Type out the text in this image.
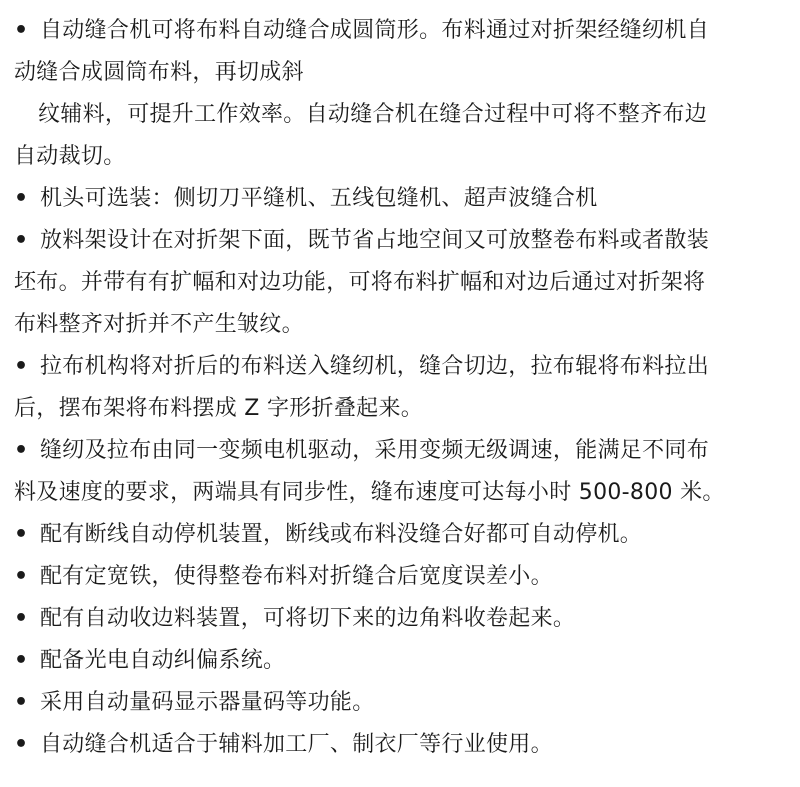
• 自动缝合机可将布料自动缝合成圆筒形。布料通过对折架经缝纫机自
动缝合成圆筒布料，再切成斜
纹辅料，可提升工作效率。自动缝合机在缝合过程中可将不整齐布边
自动裁切。
• 机头可选装：侧切刀平缝机、五线包缝机、超声波缝合机
• 放料架设计在对折架下面，既节省占地空间又可放整卷布料或者散装
坯布。并带有有扩幅和对边功能，可将布料扩幅和对边后通过对折架将
布料整齐对折并不产生皱纹。
• 拉布机构将对折后的布料送入缝纫机，缝合切边，拉布辊将布料拉出
后，摆布架将布料摆成 Z 字形折叠起来。
• 缝纫及拉布由同一变频电机驱动，采用变频无级调速，能满足不同布
料及速度的要求，两端具有同步性，缝布速度可达每小时 500-800 米。
• 配有断线自动停机装置，断线或布料没缝合好都可自动停机。
• 配有定宽铁，使得整卷布料对折缝合后宽度误差小。
• 配有自动收边料装置，可将切下来的边角料收卷起来。
• 配备光电自动纠偏系统。
• 采用自动量码显示器量码等功能。
• 自动缝合机适合于辅料加工厂、制衣厂等行业使用。
